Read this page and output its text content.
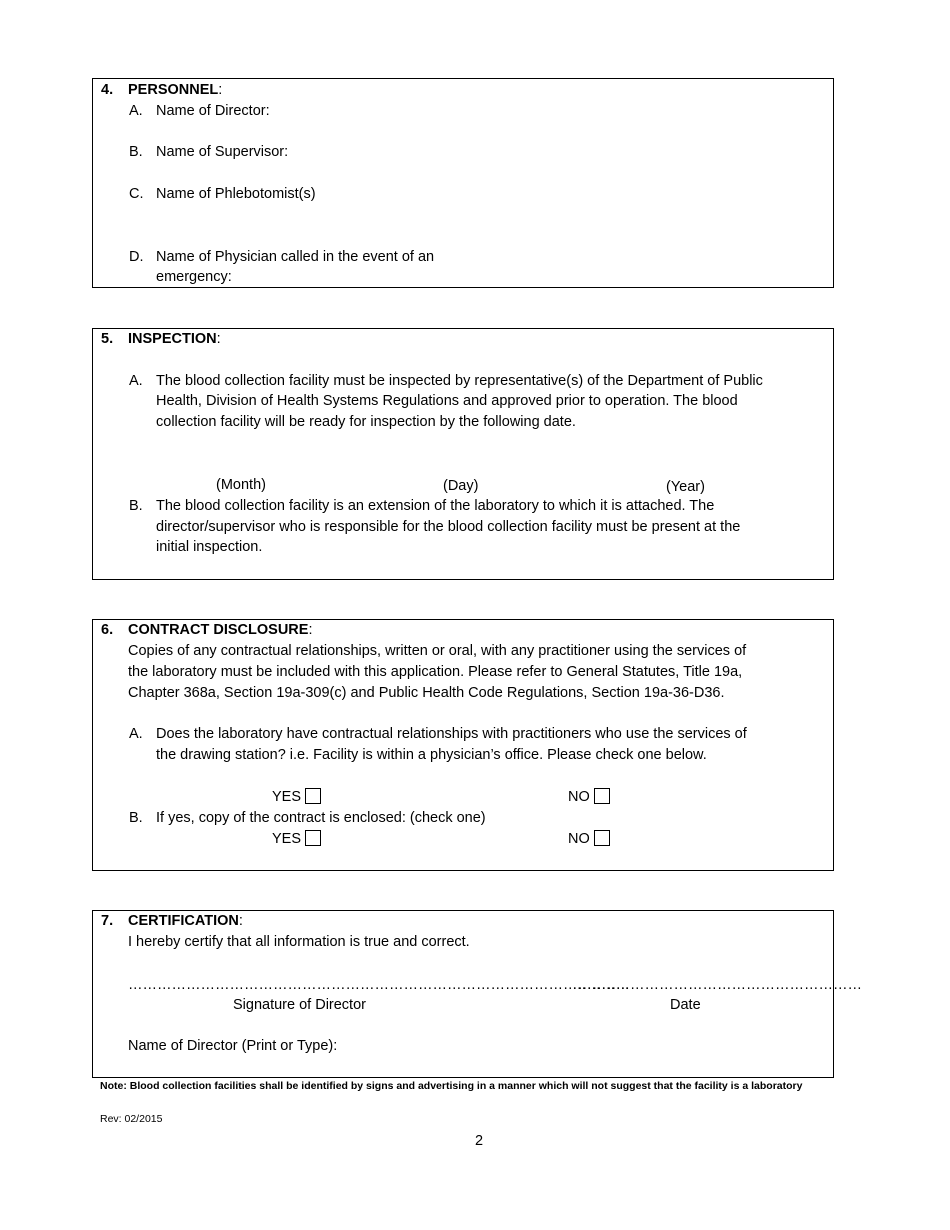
4. PERSONNEL:
A. Name of Director:
B. Name of Supervisor:
C. Name of Phlebotomist(s)
D. Name of Physician called in the event of an
emergency:
5. INSPECTION:
A. The blood collection facility must be inspected by representative(s) of the Department of Public
Health, Division of Health Systems Regulations and approved prior to operation. The blood
collection facility will be ready for inspection by the following date.
(Month)	(Day)	(Year)
B. The blood collection facility is an extension of the laboratory to which it is attached. The
director/supervisor who is responsible for the blood collection facility must be present at the
initial inspection.
6. CONTRACT DISCLOSURE:
Copies of any contractual relationships, written or oral, with any practitioner using the services of
the laboratory must be included with this application. Please refer to General Statutes, Title 19a,
Chapter 368a, Section 19a-309(c) and Public Health Code Regulations, Section 19a-36-D36.
A. Does the laboratory have contractual relationships with practitioners who use the services of
the drawing station? i.e. Facility is within a physician’s office. Please check one below.
YES	NO
B. If yes, copy of the contract is enclosed: (check one)
YES	NO
7. CERTIFICATION:
I hereby certify that all information is true and correct.
…………………………………………………………………………………………..
……………………………………………………
Signature of Director	Date
Name of Director (Print or Type):
Note: Blood collection facilities shall be identified by signs and advertising in a manner which will not suggest that the facility is a laboratory
Rev: 02/2015
2
